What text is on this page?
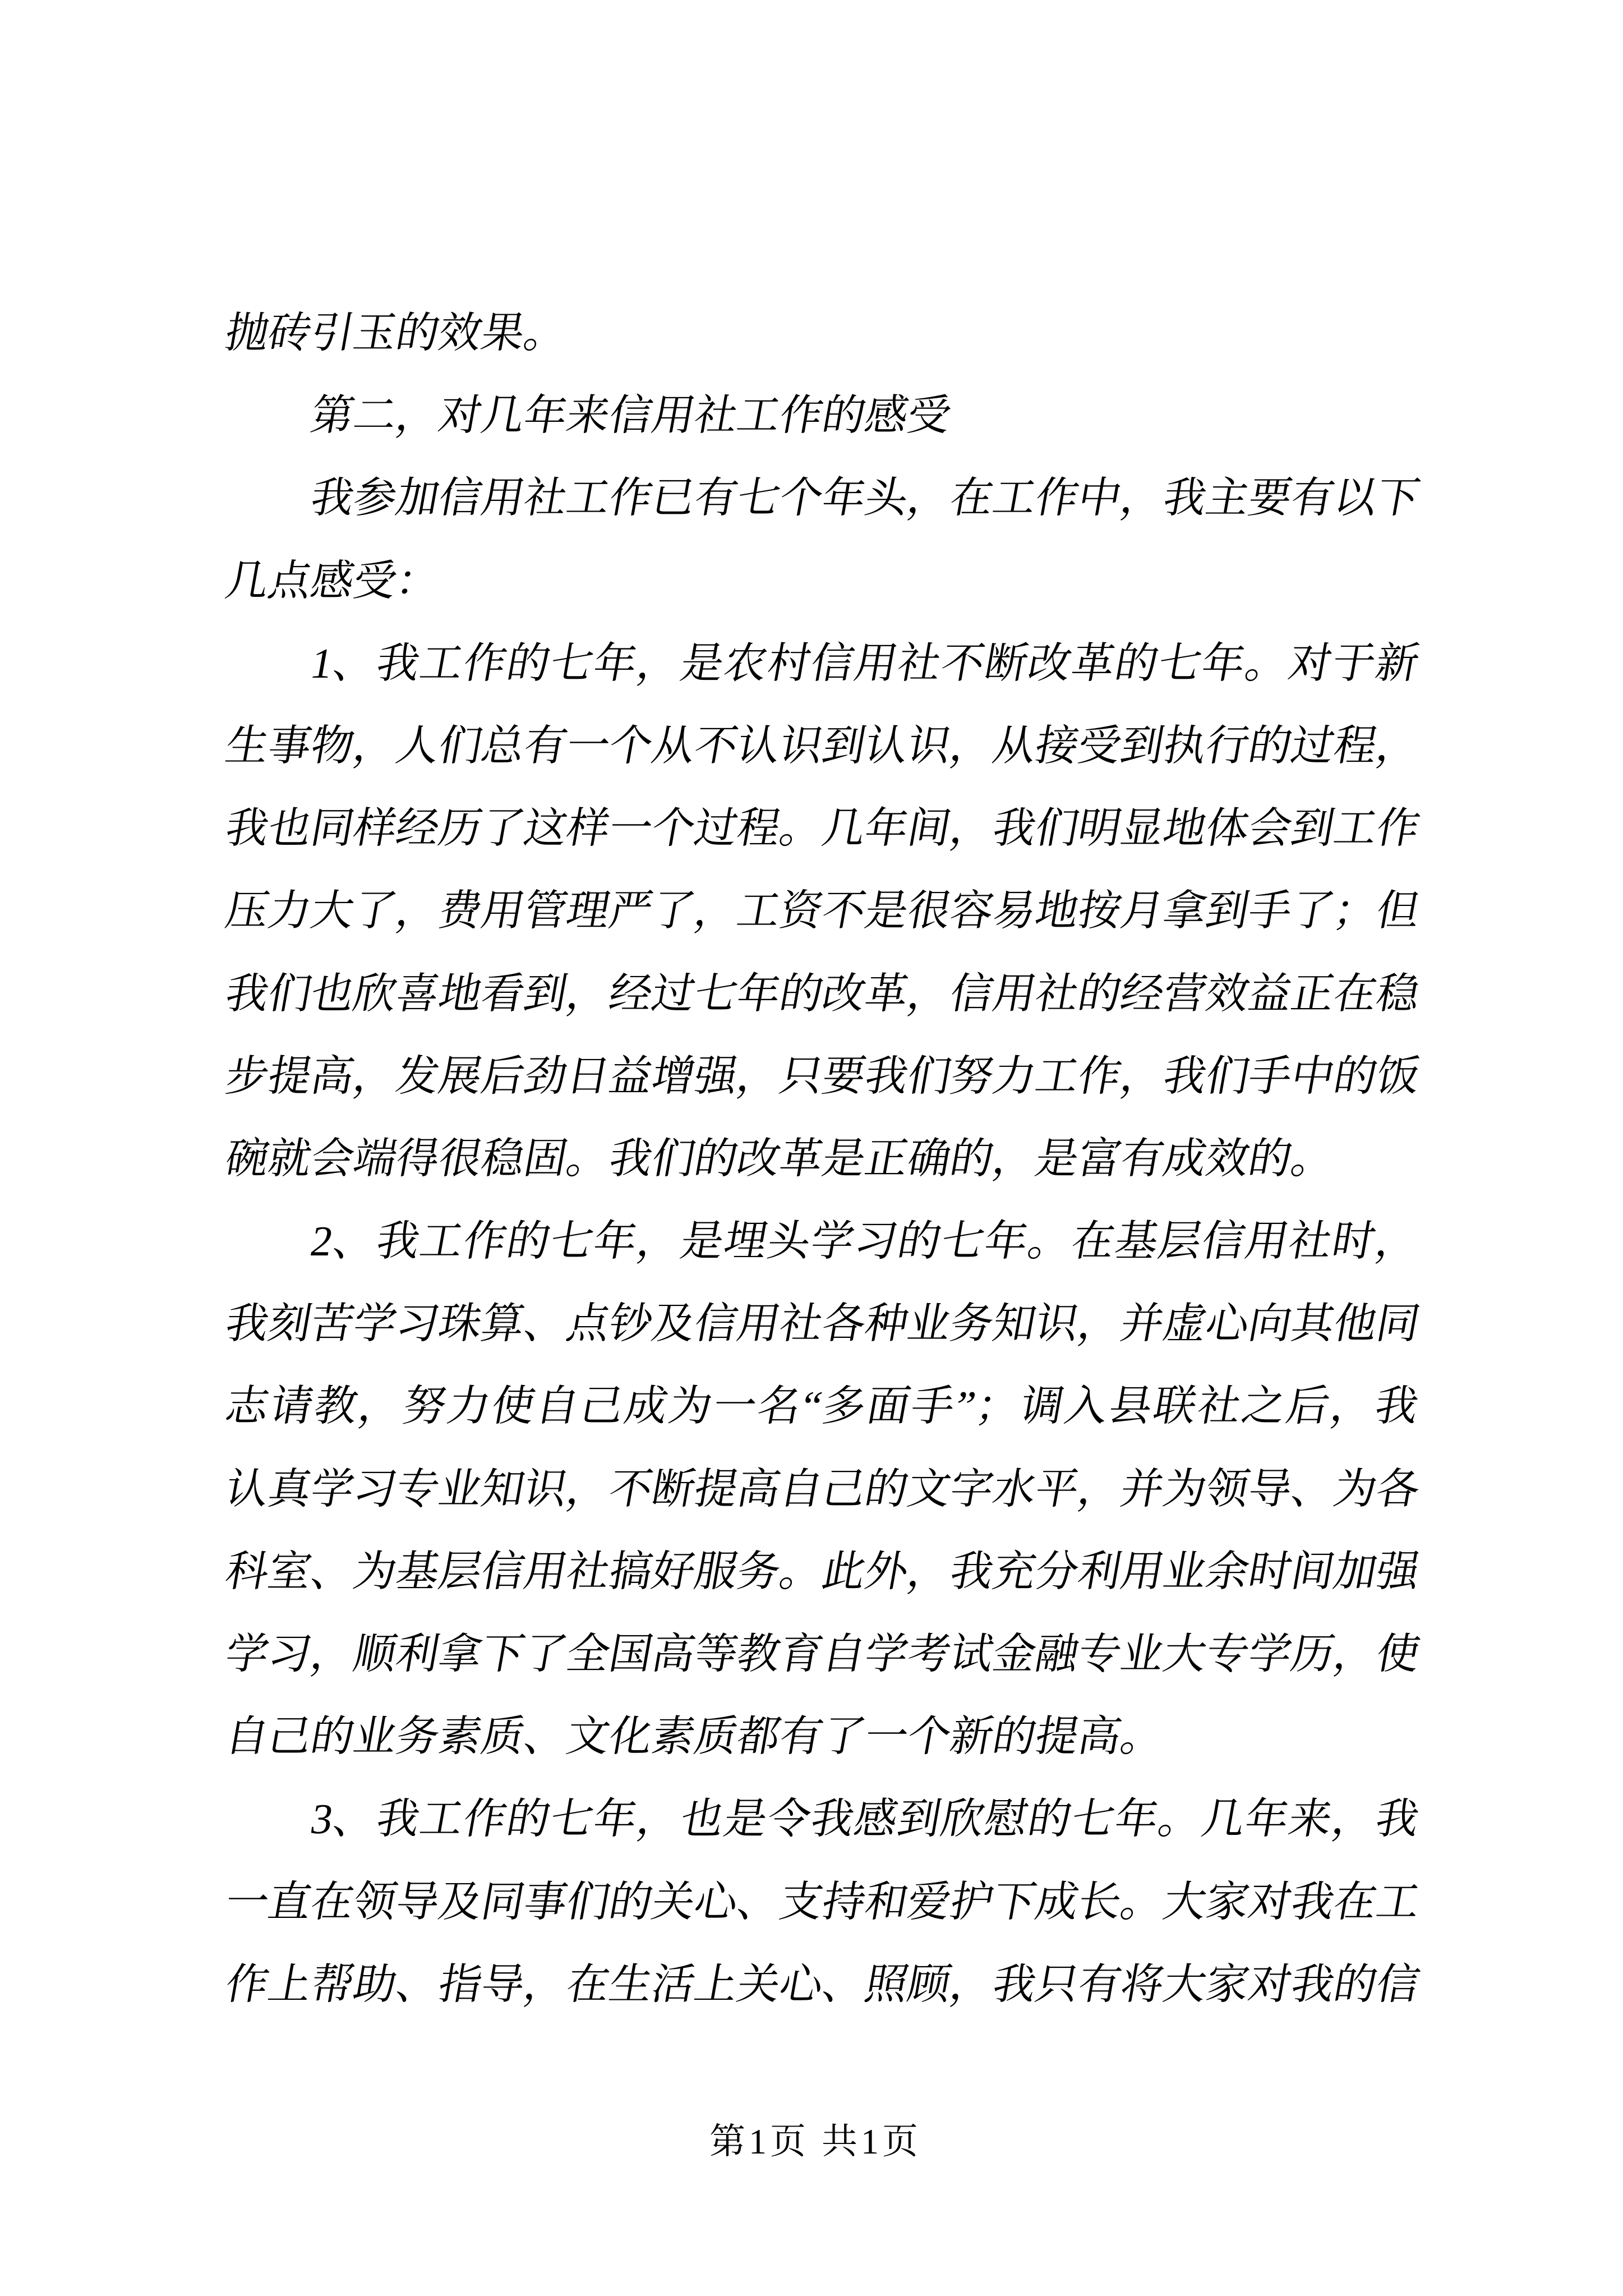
抛砖引玉的效果。
第二，对几年来信用社工作的感受
我参加信用社工作已有七个年头，在工作中，我主要有以下
几点感受：
1、我工作的七年，是农村信用社不断改革的七年。对于新
生事物，人们总有一个从不认识到认识，从接受到执行的过程，
我也同样经历了这样一个过程。几年间，我们明显地体会到工作
压力大了，费用管理严了，工资不是很容易地按月拿到手了；但
我们也欣喜地看到，经过七年的改革，信用社的经营效益正在稳
步提高，发展后劲日益增强，只要我们努力工作，我们手中的饭
碗就会端得很稳固。我们的改革是正确的，是富有成效的。
2、我工作的七年，是埋头学习的七年。在基层信用社时，
我刻苦学习珠算、点钞及信用社各种业务知识，并虚心向其他同
志请教，努力使自己成为一名“多面手”；调入县联社之后，我
认真学习专业知识，不断提高自己的文字水平，并为领导、为各
科室、为基层信用社搞好服务。此外，我充分利用业余时间加强
学习，顺利拿下了全国高等教育自学考试金融专业大专学历，使
自己的业务素质、文化素质都有了一个新的提高。
3、我工作的七年，也是令我感到欣慰的七年。几年来，我
一直在领导及同事们的关心、支持和爱护下成长。大家对我在工
作上帮助、指导，在生活上关心、照顾，我只有将大家对我的信
第1页 共1页
